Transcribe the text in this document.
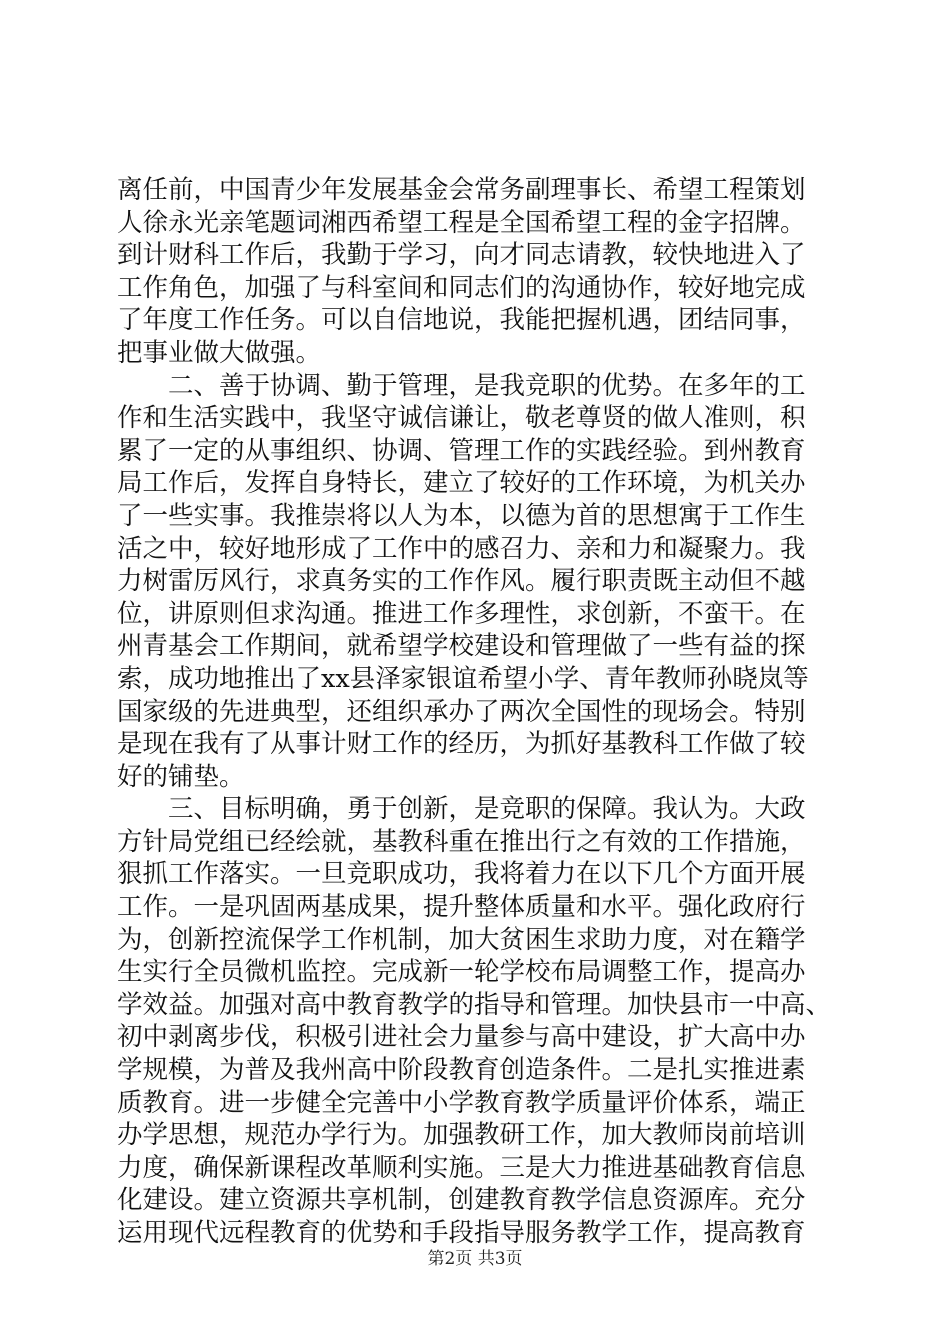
离任前，中国青少年发展基金会常务副理事长、希望工程策划
人徐永光亲笔题词湘西希望工程是全国希望工程的金字招牌。
到计财科工作后，我勤于学习，向才同志请教，较快地进入了
工作角色，加强了与科室间和同志们的沟通协作，较好地完成
了年度工作任务。可以自信地说，我能把握机遇，团结同事，
把事业做大做强。
　　二、善于协调、勤于管理，是我竞职的优势。在多年的工
作和生活实践中，我坚守诚信谦让，敬老尊贤的做人准则，积
累了一定的从事组织、协调、管理工作的实践经验。到州教育
局工作后，发挥自身特长，建立了较好的工作环境，为机关办
了一些实事。我推崇将以人为本，以德为首的思想寓于工作生
活之中，较好地形成了工作中的感召力、亲和力和凝聚力。我
力树雷厉风行，求真务实的工作作风。履行职责既主动但不越
位，讲原则但求沟通。推进工作多理性，求创新，不蛮干。在
州青基会工作期间，就希望学校建设和管理做了一些有益的探
索，成功地推出了xx县泽家银谊希望小学、青年教师孙晓岚等
国家级的先进典型，还组织承办了两次全国性的现场会。特别
是现在我有了从事计财工作的经历，为抓好基教科工作做了较
好的铺垫。
　　三、目标明确，勇于创新，是竞职的保障。我认为。大政
方针局党组已经绘就，基教科重在推出行之有效的工作措施，
狠抓工作落实。一旦竞职成功，我将着力在以下几个方面开展
工作。一是巩固两基成果，提升整体质量和水平。强化政府行
为，创新控流保学工作机制，加大贫困生求助力度，对在籍学
生实行全员微机监控。完成新一轮学校布局调整工作，提高办
学效益。加强对高中教育教学的指导和管理。加快县市一中高、
初中剥离步伐，积极引进社会力量参与高中建设，扩大高中办
学规模，为普及我州高中阶段教育创造条件。二是扎实推进素
质教育。进一步健全完善中小学教育教学质量评价体系，端正
办学思想，规范办学行为。加强教研工作，加大教师岗前培训
力度，确保新课程改革顺利实施。三是大力推进基础教育信息
化建设。建立资源共享机制，创建教育教学信息资源库。充分
运用现代远程教育的优势和手段指导服务教学工作，提高教育
第2页 共3页
